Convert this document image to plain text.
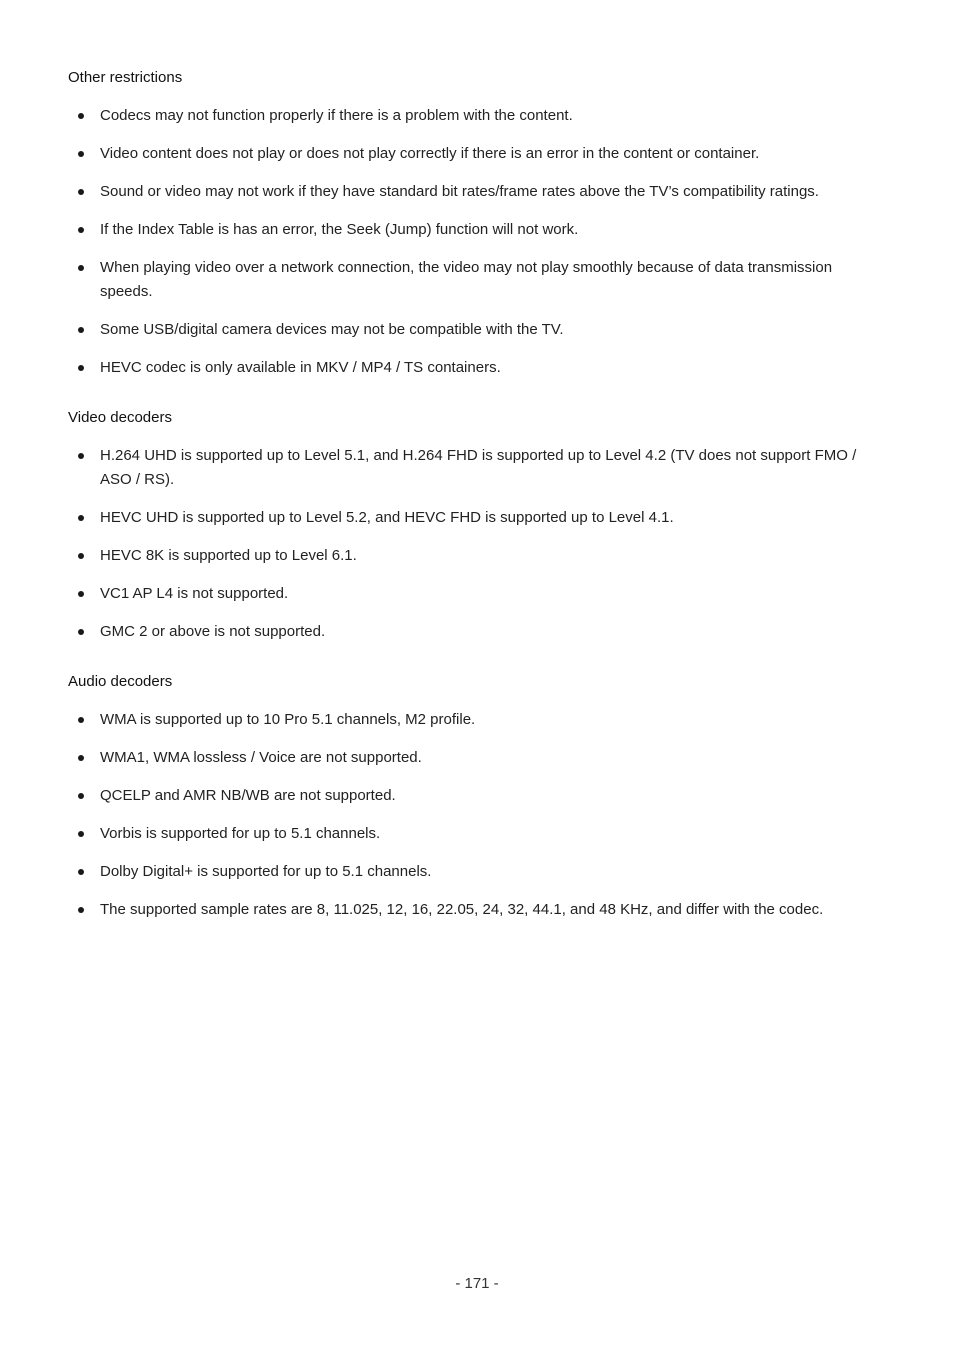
Other restrictions
Codecs may not function properly if there is a problem with the content.
Video content does not play or does not play correctly if there is an error in the content or container.
Sound or video may not work if they have standard bit rates/frame rates above the TV’s compatibility ratings.
If the Index Table is has an error, the Seek (Jump) function will not work.
When playing video over a network connection, the video may not play smoothly because of data transmission speeds.
Some USB/digital camera devices may not be compatible with the TV.
HEVC codec is only available in MKV / MP4 / TS containers.
Video decoders
H.264 UHD is supported up to Level 5.1, and H.264 FHD is supported up to Level 4.2 (TV does not support FMO / ASO / RS).
HEVC UHD is supported up to Level 5.2, and HEVC FHD is supported up to Level 4.1.
HEVC 8K is supported up to Level 6.1.
VC1 AP L4 is not supported.
GMC 2 or above is not supported.
Audio decoders
WMA is supported up to 10 Pro 5.1 channels, M2 profile.
WMA1, WMA lossless / Voice are not supported.
QCELP and AMR NB/WB are not supported.
Vorbis is supported for up to 5.1 channels.
Dolby Digital+ is supported for up to 5.1 channels.
The supported sample rates are 8, 11.025, 12, 16, 22.05, 24, 32, 44.1, and 48 KHz, and differ with the codec.
- 171 -
